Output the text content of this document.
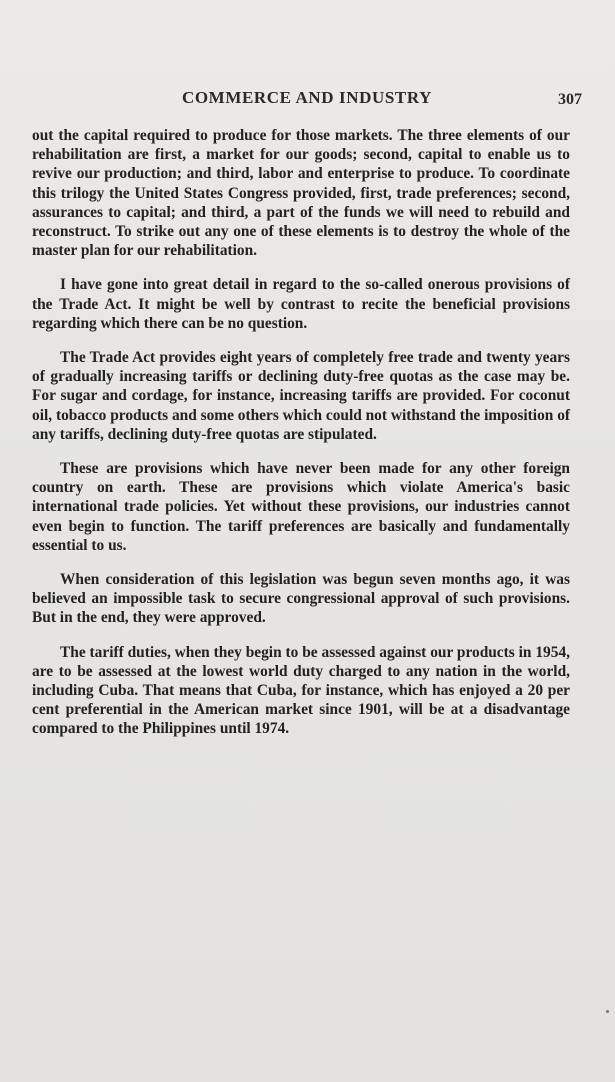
COMMERCE AND INDUSTRY	307

out the capital required to produce for those markets. The three elements of our rehabilitation are first, a market for our goods; second, capital to enable us to revive our production; and third, labor and enterprise to produce. To coordinate this trilogy the United States Congress provided, first, trade preferences; second, assurances to capital; and third, a part of the funds we will need to rebuild and reconstruct. To strike out any one of these elements is to destroy the whole of the master plan for our rehabilitation.

I have gone into great detail in regard to the so-called onerous provisions of the Trade Act. It might be well by contrast to recite the beneficial provisions regarding which there can be no question.

The Trade Act provides eight years of completely free trade and twenty years of gradually increasing tariffs or declining duty-free quotas as the case may be. For sugar and cordage, for instance, increasing tariffs are provided. For coconut oil, tobacco products and some others which could not withstand the imposition of any tariffs, declining duty-free quotas are stipulated.

These are provisions which have never been made for any other foreign country on earth. These are provisions which violate America's basic international trade policies. Yet without these provisions, our industries cannot even begin to function. The tariff preferences are basically and fundamentally essential to us.

When consideration of this legislation was begun seven months ago, it was believed an impossible task to secure congressional approval of such provisions. But in the end, they were approved.

The tariff duties, when they begin to be assessed against our products in 1954, are to be assessed at the lowest world duty charged to any nation in the world, including Cuba. That means that Cuba, for instance, which has enjoyed a 20 per cent preferential in the American market since 1901, will be at a disadvantage compared to the Philippines until 1974.
